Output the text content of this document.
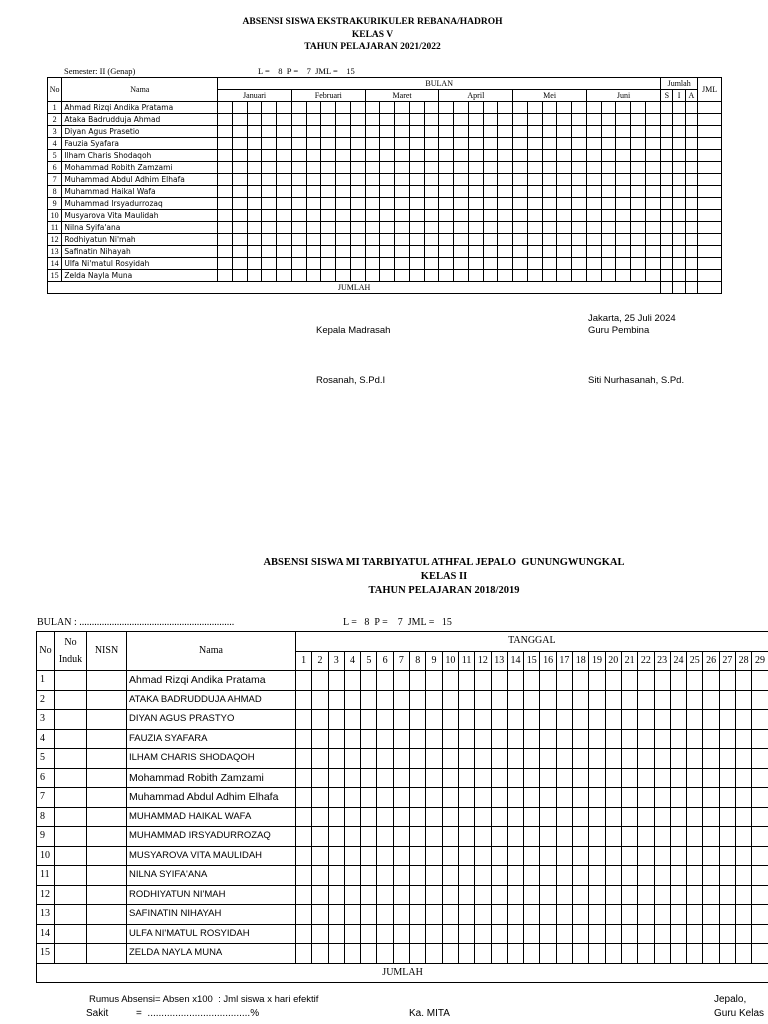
ABSENSI SISWA EKSTRAKURIKULER REBANA/HADROH
KELAS V
TAHUN PELAJARAN 2021/2022
Semester: II (Genap)	L =    8  P =    7  JML =    15
No	Nama	BULAN																														Jumlah			JML
		Januari					Februari					Maret					April					Mei					Juni					S	I	A	
1	Ahmad Rizqi Andika Pratama																																		
2	Ataka Badrudduja Ahmad																																		
3	Diyan Agus Prasetio																																		
4	Fauzia Syafara																																		
5	Ilham Charis Shodaqoh																																		
6	Mohammad Robith Zamzami																																		
7	Muhammad Abdul Adhim Elhafa																																		
8	Muhammad Haikal Wafa																																		
9	Muhammad Irsyadurrozaq																																		
10	Musyarova Vita Maulidah																																		
11	Nilna Syifa'ana																																		
12	Rodhiyatun Ni'mah																																		
13	Safinatin Nihayah																																		
14	Ulfa Ni'matul Rosyidah																																		
15	Zelda Nayla Muna																																		
JUMLAH																																			
Jakarta, 25 Juli 2024
Kepala Madrasah	Guru Pembina
Rosanah, S.Pd.I	Siti Nurhasanah, S.Pd.
ABSENSI SISWA MI TARBIYATUL ATHFAL JEPALO  GUNUNGWUNGKAL
KELAS II
TAHUN PELAJARAN 2018/2019
BULAN : ..............................................................	L =   8  P =    7  JML =   15
No	No
Induk	NISN	Nama	TANGGAL																												
				1	2	3	4	5	6	7	8	9	10	11	12	13	14	15	16	17	18	19	20	21	22	23	24	25	26	27	28	29
1			Ahmad Rizqi Andika Pratama																													
2			ATAKA BADRUDDUJA AHMAD																													
3			DIYAN AGUS PRASTYO																													
4			FAUZIA SYAFARA																													
5			ILHAM CHARIS SHODAQOH																													
6			Mohammad Robith Zamzami																													
7			Muhammad Abdul Adhim Elhafa																													
8			MUHAMMAD HAIKAL WAFA																													
9			MUHAMMAD IRSYADURROZAQ																													
10			MUSYAROVA VITA MAULIDAH																													
11			NILNA SYIFA'ANA																													
12			RODHIYATUN NI'MAH																													
13			SAFINATIN NIHAYAH																													
14			ULFA NI'MATUL ROSYIDAH																													
15			ZELDA NAYLA MUNA																													
JUMLAH																																
Rumus Absensi= Absen x100  : Jml siswa x hari efektif
Sakit          =  .....................................%	Ka. MITA
Jepalo,
Guru Kelas
